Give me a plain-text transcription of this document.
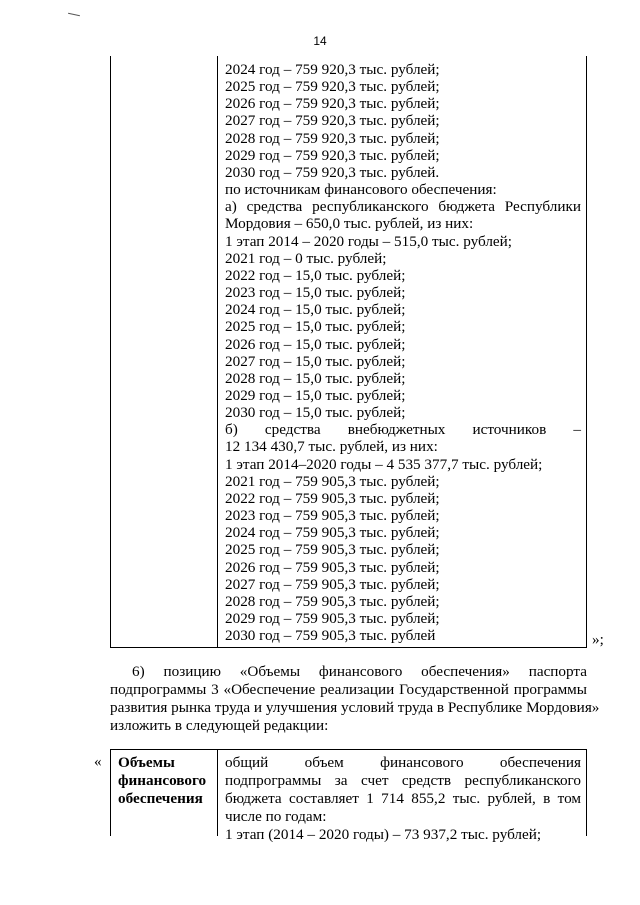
14
2024 год – 759 920,3 тыс. рублей;
2025 год – 759 920,3 тыс. рублей;
2026 год – 759 920,3 тыс. рублей;
2027 год – 759 920,3 тыс. рублей;
2028 год – 759 920,3 тыс. рублей;
2029 год – 759 920,3 тыс. рублей;
2030 год – 759 920,3 тыс. рублей.
по источникам финансового обеспечения:
а) средства республиканского бюджета Республики
Мордовия – 650,0 тыс. рублей, из них:
1 этап 2014 – 2020 годы – 515,0 тыс. рублей;
2021 год – 0 тыс. рублей;
2022 год – 15,0 тыс. рублей;
2023 год – 15,0 тыс. рублей;
2024 год – 15,0 тыс. рублей;
2025 год – 15,0 тыс. рублей;
2026 год – 15,0 тыс. рублей;
2027 год – 15,0 тыс. рублей;
2028 год – 15,0 тыс. рублей;
2029 год – 15,0 тыс. рублей;
2030 год – 15,0 тыс. рублей;
б) средства внебюджетных источников –
12 134 430,7 тыс. рублей, из них:
1 этап 2014–2020 годы – 4 535 377,7 тыс. рублей;
2021 год – 759 905,3 тыс. рублей;
2022 год – 759 905,3 тыс. рублей;
2023 год – 759 905,3 тыс. рублей;
2024 год – 759 905,3 тыс. рублей;
2025 год – 759 905,3 тыс. рублей;
2026 год – 759 905,3 тыс. рублей;
2027 год – 759 905,3 тыс. рублей;
2028 год – 759 905,3 тыс. рублей;
2029 год – 759 905,3 тыс. рублей;
2030 год – 759 905,3 тыс. рублей	»;
6) позицию «Объемы финансового обеспечения» паспорта
подпрограммы 3 «Обеспечение реализации Государственной программы
развития рынка труда и улучшения условий труда в Республике Мордовия»
изложить в следующей редакции:
« Объемы
финансового
обеспечения
общий объем финансового обеспечения
подпрограммы за счет средств республиканского
бюджета составляет 1 714 855,2 тыс. рублей, в том
числе по годам:
1 этап (2014 – 2020 годы) – 73 937,2 тыс. рублей;
